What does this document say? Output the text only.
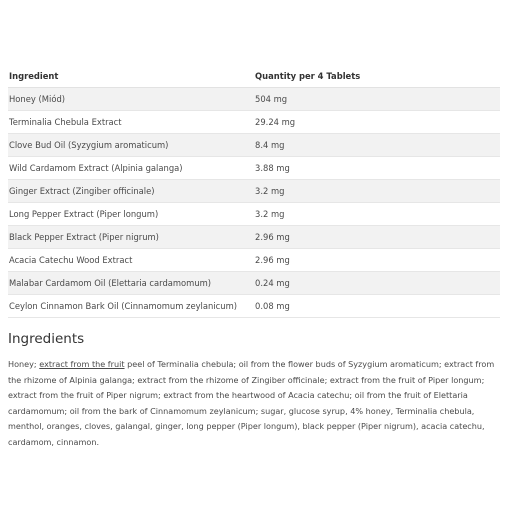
Ingredient	Quantity per 4 Tablets
Honey (Miód)	504 mg
Terminalia Chebula Extract	29.24 mg
Clove Bud Oil (Syzygium aromaticum)	8.4 mg
Wild Cardamom Extract (Alpinia galanga)	3.88 mg
Ginger Extract (Zingiber officinale)	3.2 mg
Long Pepper Extract (Piper longum)	3.2 mg
Black Pepper Extract (Piper nigrum)	2.96 mg
Acacia Catechu Wood Extract	2.96 mg
Malabar Cardamom Oil (Elettaria cardamomum)	0.24 mg
Ceylon Cinnamon Bark Oil (Cinnamomum zeylanicum)	0.08 mg
Ingredients

Honey; extract from the fruit peel of Terminalia chebula; oil from the flower buds of Syzygium aromaticum; extract from the rhizome of Alpinia galanga; extract from the rhizome of Zingiber officinale; extract from the fruit of Piper longum; extract from the fruit of Piper nigrum; extract from the heartwood of Acacia catechu; oil from the fruit of Elettaria cardamomum; oil from the bark of Cinnamomum zeylanicum; sugar, glucose syrup, 4% honey, Terminalia chebula, menthol, oranges, cloves, galangal, ginger, long pepper (Piper longum), black pepper (Piper nigrum), acacia catechu, cardamom, cinnamon.
